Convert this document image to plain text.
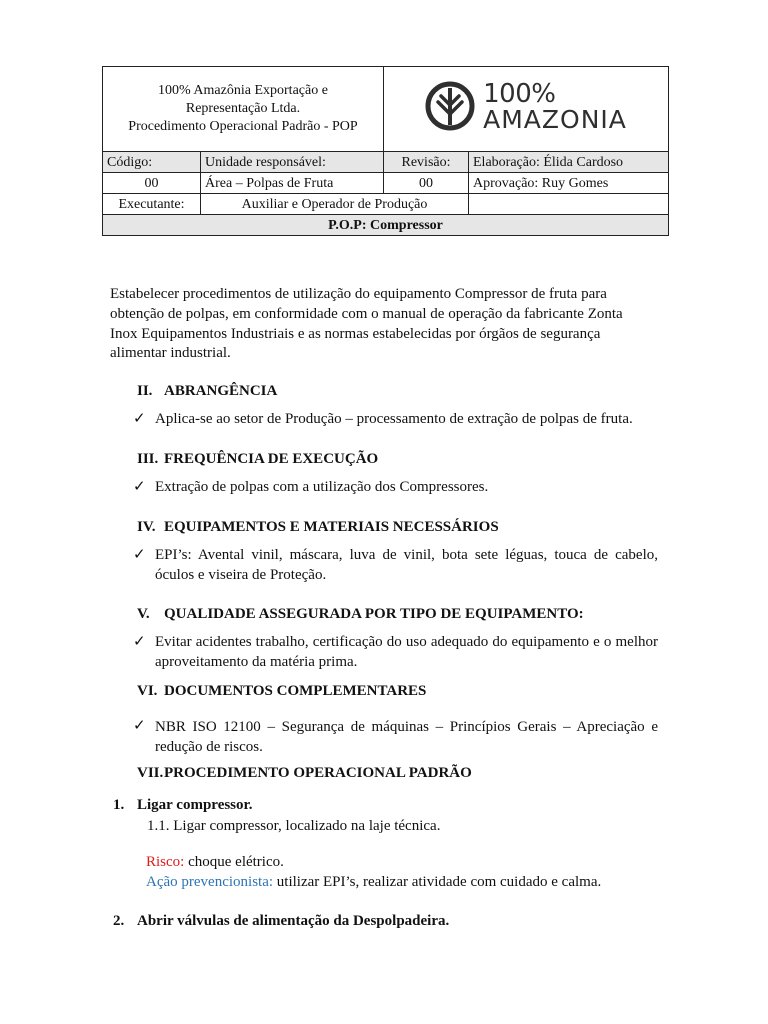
100% Amazônia Exportação e
Representação Ltda.
Procedimento Operacional Padrão - POP		100%
AMAZONIA	

Código:	Unidade responsável:	Revisão:	Elaboração: Élida Cardoso
00	Área – Polpas de Fruta	00	Aprovação: Ruy Gomes
Executante:	Auxiliar e Operador de Produção		
P.O.P: Compressor			

Estabelecer procedimentos de utilização do equipamento Compressor de fruta para

obtenção de polpas, em conformidade com o manual de operação da fabricante Zonta

Inox Equipamentos Industriais e as normas estabelecidas por órgãos de segurança

alimentar industrial.

II. ABRANGÊNCIA

✓ Aplica-se ao setor de Produção – processamento de extração de polpas de fruta.

III. FREQUÊNCIA DE EXECUÇÃO

✓ Extração de polpas com a utilização dos Compressores.

IV. EQUIPAMENTOS E MATERIAIS NECESSÁRIOS

✓ EPI’s: Avental vinil, máscara, luva de vinil, bota sete léguas, touca de cabelo, óculos e viseira de Proteção.

V. QUALIDADE ASSEGURADA POR TIPO DE EQUIPAMENTO:

✓ Evitar acidentes trabalho, certificação do uso adequado do equipamento e o melhor aproveitamento da matéria prima.

VI. DOCUMENTOS COMPLEMENTARES

✓ NBR ISO 12100 – Segurança de máquinas – Princípios Gerais – Apreciação e redução de riscos.

VII.PROCEDIMENTO OPERACIONAL PADRÃO

1. Ligar compressor.

1.1. Ligar compressor, localizado na laje técnica.

Risco: choque elétrico.

Ação prevencionista: utilizar EPI’s, realizar atividade com cuidado e calma.

2. Abrir válvulas de alimentação da Despolpadeira.
